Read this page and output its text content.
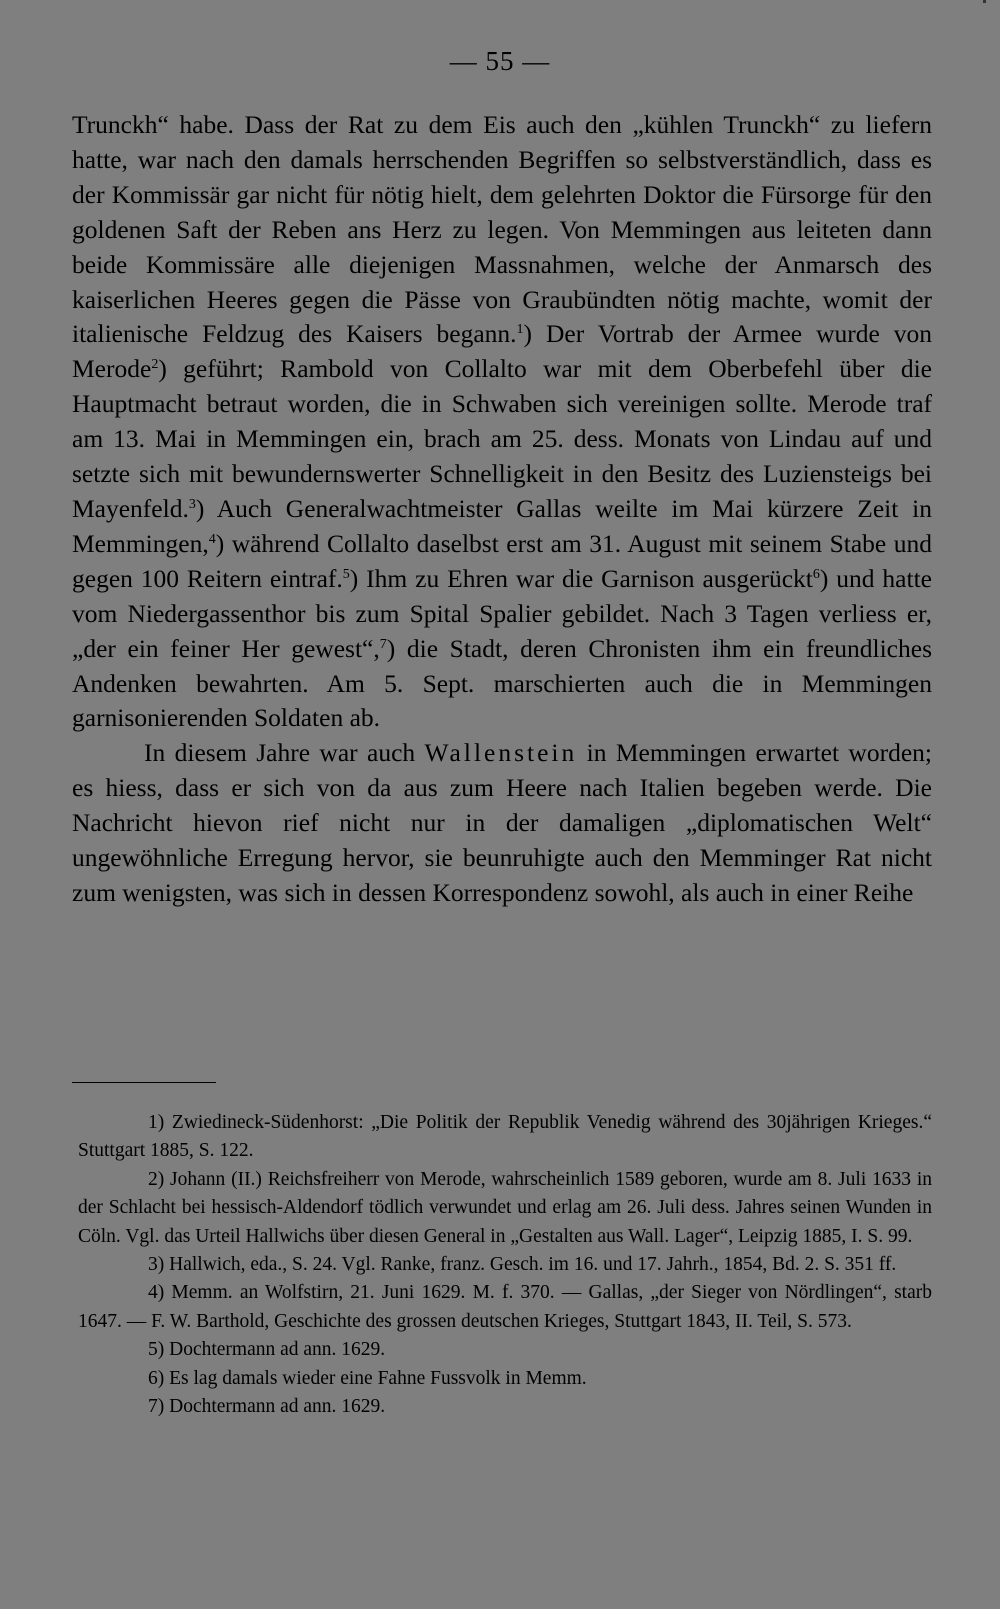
— 55 —

Trunckh“ habe. Dass der Rat zu dem Eis auch den „kühlen Trunckh“ zu liefern hatte, war nach den damals herrschenden Begriffen so selbstverständlich, dass es der Kommissär gar nicht für nötig hielt, dem gelehrten Doktor die Fürsorge für den goldenen Saft der Reben ans Herz zu legen. Von Memmingen aus leiteten dann beide Kommissäre alle diejenigen Massnahmen, welche der Anmarsch des kaiserlichen Heeres gegen die Pässe von Graubündten nötig machte, womit der italienische Feldzug des Kaisers begann.$^1$) Der Vortrab der Armee wurde von Merode$^2$) geführt; Rambold von Collalto war mit dem Oberbefehl über die Hauptmacht betraut worden, die in Schwaben sich vereinigen sollte. Merode traf am 13. Mai in Memmingen ein, brach am 25. dess. Monats von Lindau auf und setzte sich mit bewundernswerter Schnelligkeit in den Besitz des Luziensteigs bei Mayenfeld.$^3$) Auch Generalwachtmeister Gallas weilte im Mai kürzere Zeit in Memmingen,$^4$) während Collalto daselbst erst am 31. August mit seinem Stabe und gegen 100 Reitern eintraf.$^5$) Ihm zu Ehren war die Garnison ausgerückt$^6$) und hatte vom Niedergassenthor bis zum Spital Spalier gebildet. Nach 3 Tagen verliess er, „der ein feiner Her gewest“,$^7$) die Stadt, deren Chronisten ihm ein freundliches Andenken bewahrten. Am 5. Sept. marschierten auch die in Memmingen garnisonierenden Soldaten ab.

In diesem Jahre war auch Wallenstein in Memmingen erwartet worden; es hiess, dass er sich von da aus zum Heere nach Italien begeben werde. Die Nachricht hievon rief nicht nur in der damaligen „diplomatischen Welt“ ungewöhnliche Erregung hervor, sie beunruhigte auch den Memminger Rat nicht zum wenigsten, was sich in dessen Korrespondenz sowohl, als auch in einer Reihe

1) Zwiedineck-Südenhorst: „Die Politik der Republik Venedig während des 30jährigen Krieges.“ Stuttgart 1885, S. 122.

2) Johann (II.) Reichsfreiherr von Merode, wahrscheinlich 1589 geboren, wurde am 8. Juli 1633 in der Schlacht bei hessisch-Aldendorf tödlich verwundet und erlag am 26. Juli dess. Jahres seinen Wunden in Cöln. Vgl. das Urteil Hallwichs über diesen General in „Gestalten aus Wall. Lager“, Leipzig 1885, I. S. 99.

3) Hallwich, eda., S. 24. Vgl. Ranke, franz. Gesch. im 16. und 17. Jahrh., 1854, Bd. 2. S. 351 ff.

4) Memm. an Wolfstirn, 21. Juni 1629. M. f. 370. — Gallas, „der Sieger von Nördlingen“, starb 1647. — F. W. Barthold, Geschichte des grossen deutschen Krieges, Stuttgart 1843, II. Teil, S. 573.

5) Dochtermann ad ann. 1629.

6) Es lag damals wieder eine Fahne Fussvolk in Memm.

7) Dochtermann ad ann. 1629.
